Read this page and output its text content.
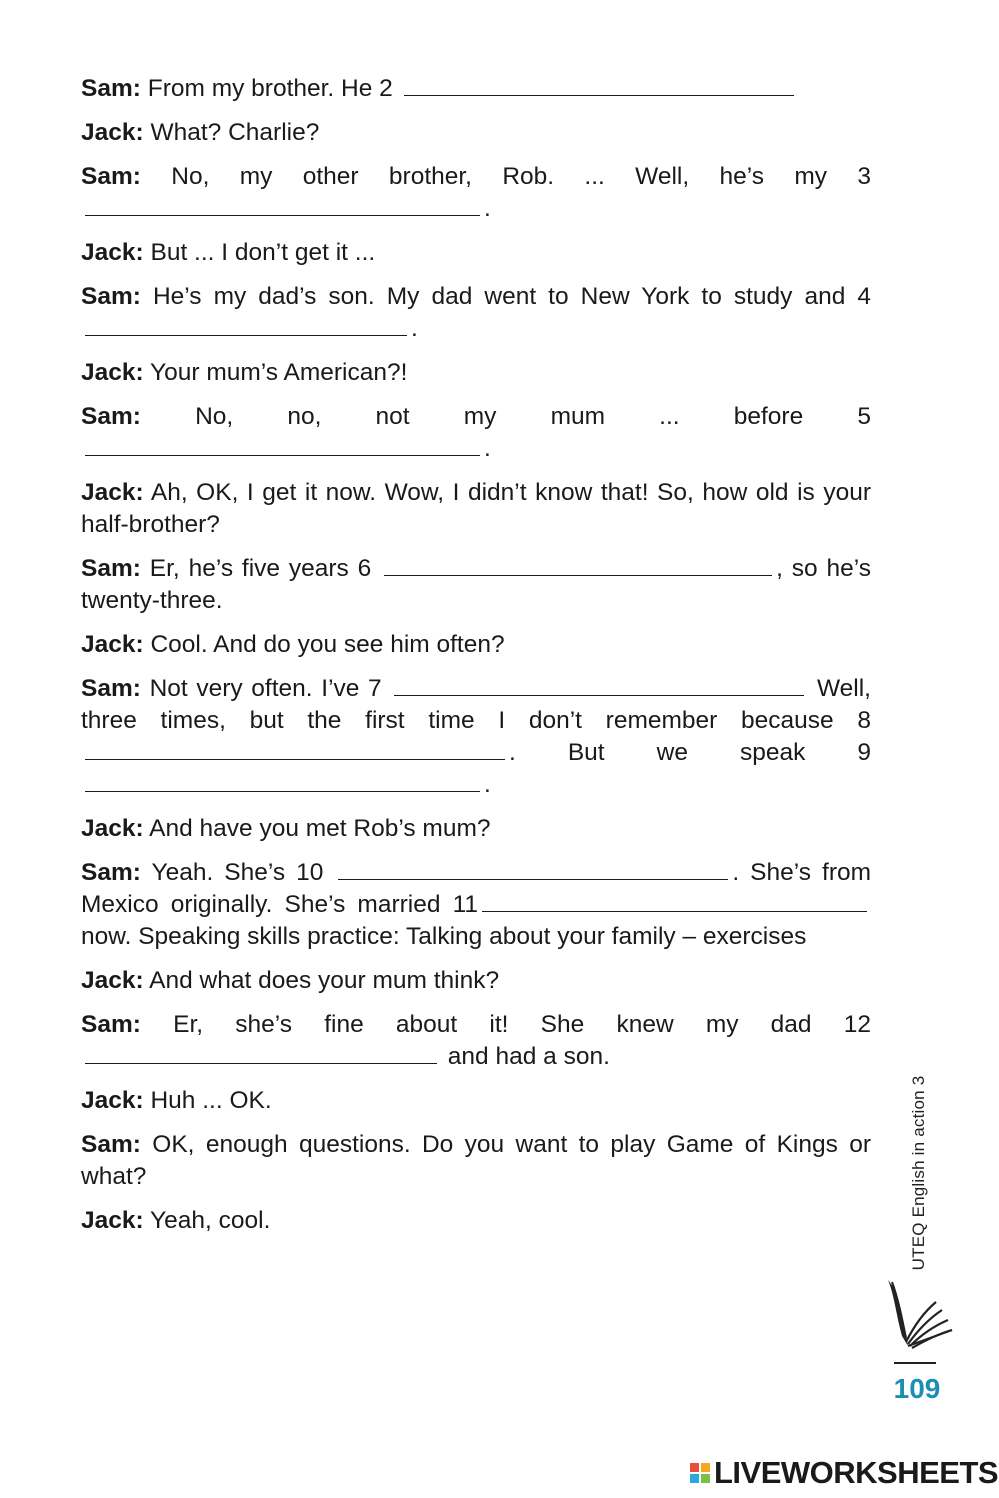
Sam: From my brother. He 2

Jack: What? Charlie?

Sam: No, my other brother, Rob. ... Well, he’s my 3 .

Jack: But ... I don’t get it ...

Sam: He’s my dad’s son. My dad went to New York to study and 4.

Jack: Your mum’s American?!

Sam: No, no, not my mum ... before 5 .

Jack: Ah, OK, I get it now. Wow, I didn’t know that! So, how old is your half-brother?

Sam: Er, he’s five years 6	, so he’s twenty-three.

Jack: Cool. And do you see him often?

Sam: Not very often. I’ve 7	Well, three times, but the first time I don’t remember because 8 . But we speak 9 .

Jack: And have you met Rob’s mum?

Sam: Yeah. She’s 10	. She’s from Mexico originally. She’s married 11 now. Speaking skills practice: Talking about your family – exercises

Jack: And what does your mum think?

Sam: Er, she’s fine about it! She knew my dad 12  and had a son.

Jack: Huh ... OK.

Sam: OK, enough questions. Do you want to play Game of Kings or what?

Jack: Yeah, cool.	UTEQ English in action 3
109
LIVEWORKSHEETS
